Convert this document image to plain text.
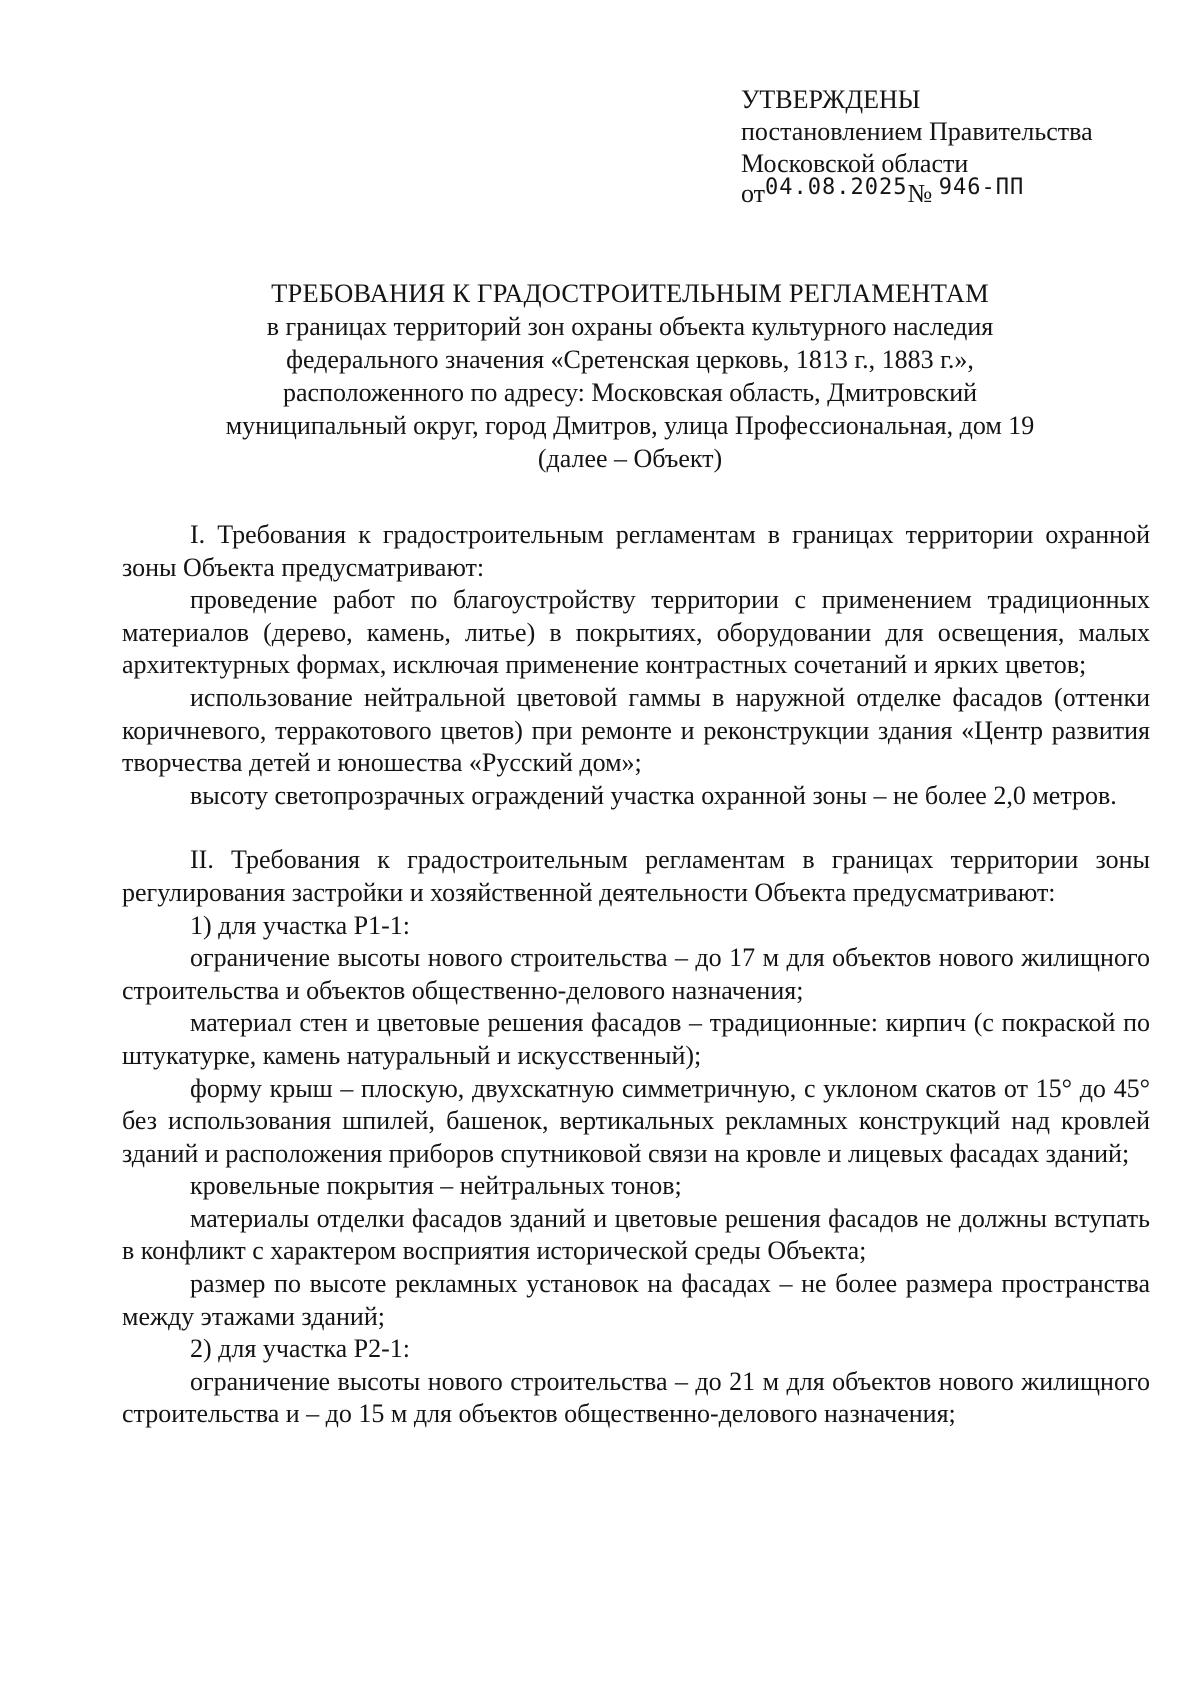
УТВЕРЖДЕНЫ
постановлением Правительства
Московской области
$от^{04.08.2025}№$ $^{946-ПП}$
ТРЕБОВАНИЯ К ГРАДОСТРОИТЕЛЬНЫМ РЕГЛАМЕНТАМ
в границах территорий зон охраны объекта культурного наследия
федерального значения «Сретенская церковь, 1813 г., 1883 г.»,
расположенного по адресу: Московская область, Дмитровский
муниципальный округ, город Дмитров, улица Профессиональная, дом 19
(далее – Объект)

I. Требования к градостроительным регламентам в границах территории охранной зоны Объекта предусматривают:

проведение работ по благоустройству территории с применением традиционных материалов (дерево, камень, литье) в покрытиях, оборудовании для освещения, малых архитектурных формах, исключая применение контрастных сочетаний и ярких цветов;

использование нейтральной цветовой гаммы в наружной отделке фасадов (оттенки коричневого, терракотового цветов) при ремонте и реконструкции здания «Центр развития творчества детей и юношества «Русский дом»;

высоту светопрозрачных ограждений участка охранной зоны – не более 2,0 метров.

II. Требования к градостроительным регламентам в границах территории зоны регулирования застройки и хозяйственной деятельности Объекта предусматривают:

1) для участка Р1-1:

ограничение высоты нового строительства – до 17 м для объектов нового жилищного строительства и объектов общественно-делового назначения;

материал стен и цветовые решения фасадов – традиционные: кирпич (с покраской по штукатурке, камень натуральный и искусственный);

форму крыш – плоскую, двухскатную симметричную, с уклоном скатов от 15° до 45° без использования шпилей, башенок, вертикальных рекламных конструкций над кровлей зданий и расположения приборов спутниковой связи на кровле и лицевых фасадах зданий;

кровельные покрытия – нейтральных тонов;

материалы отделки фасадов зданий и цветовые решения фасадов не должны вступать в конфликт с характером восприятия исторической среды Объекта;

размер по высоте рекламных установок на фасадах – не более размера пространства между этажами зданий;

2) для участка Р2-1:

ограничение высоты нового строительства – до 21 м для объектов нового жилищного строительства и – до 15 м для объектов общественно-делового назначения;
